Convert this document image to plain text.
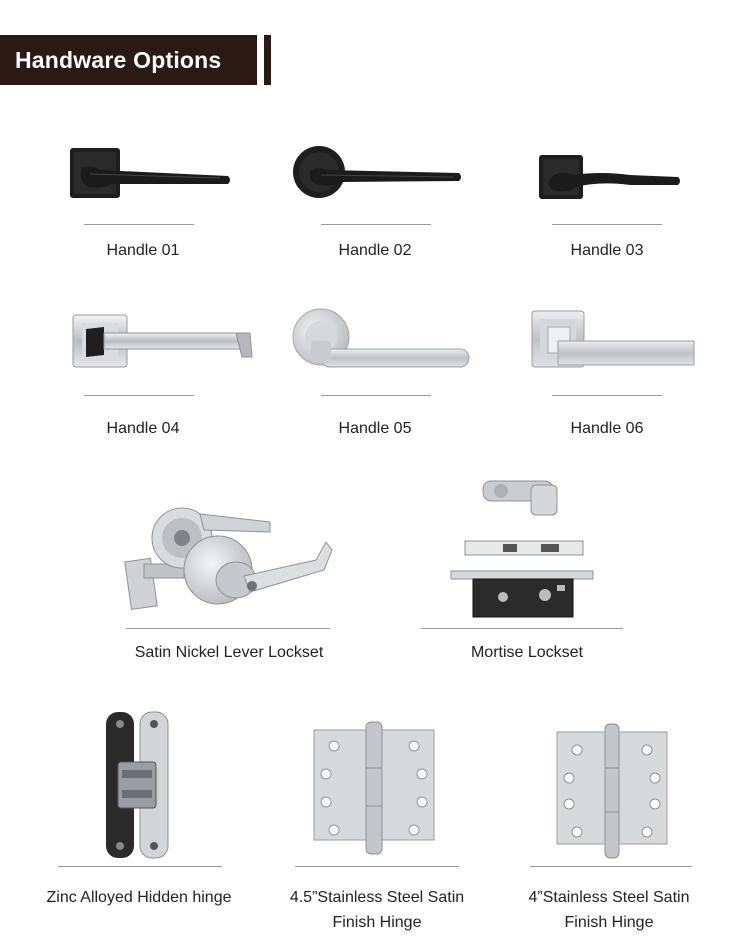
Handware Options
Handle 01	Handle 02	Handle 03
Handle 04	Handle 05	Handle 06
Satin Nickel Lever Lockset	Mortise Lockset
Zinc Alloyed Hidden hinge	4.5”Stainless Steel Satin
Finish Hinge
4”Stainless Steel Satin
Finish Hinge
